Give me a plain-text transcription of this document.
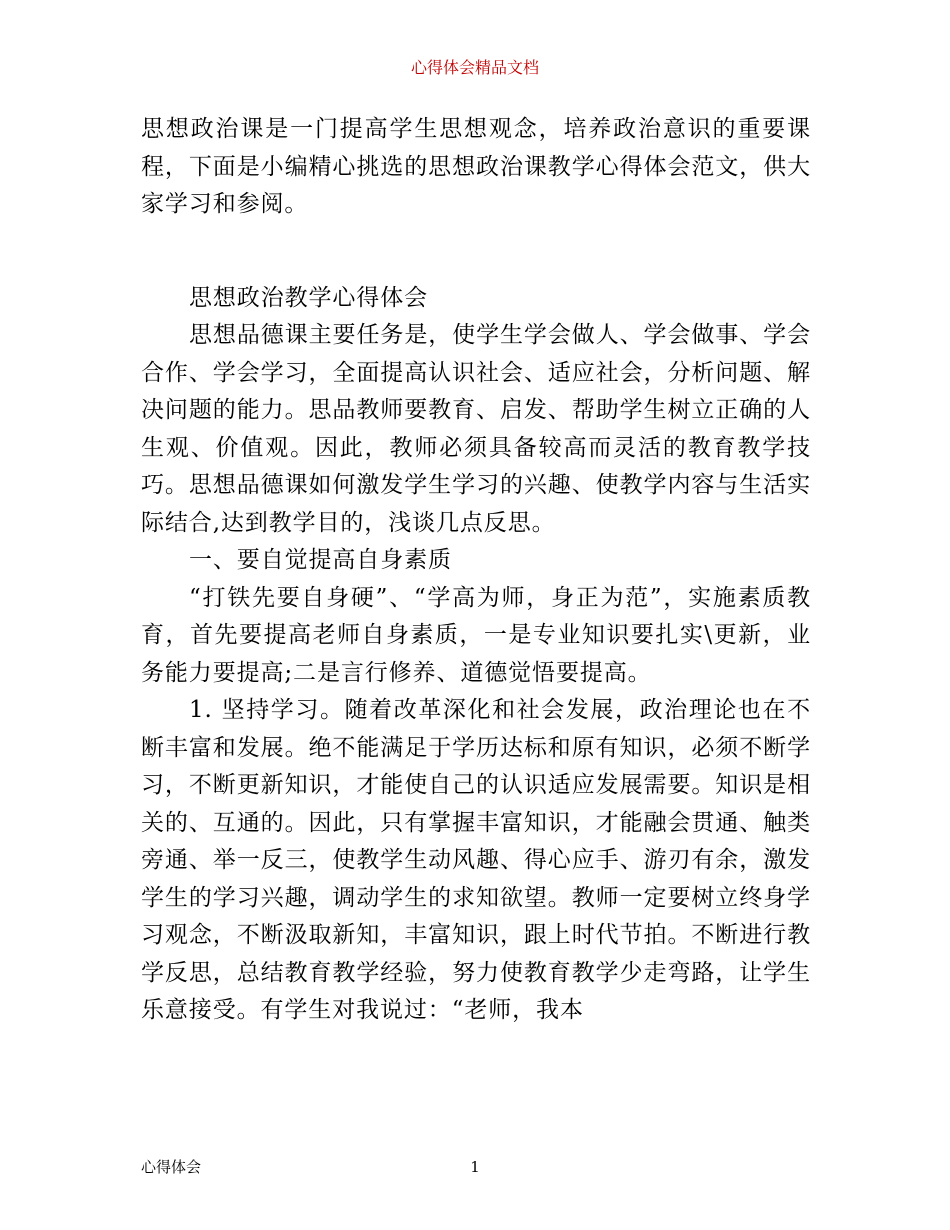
心得体会精品文档

思想政治课是一门提高学生思想观念，培养政治意识的重要课程，下面是小编精心挑选的思想政治课教学心得体会范文，供大家学习和参阅。

思想政治教学心得体会

思想品德课主要任务是，使学生学会做人、学会做事、学会合作、学会学习，全面提高认识社会、适应社会，分析问题、解决问题的能力。思品教师要教育、启发、帮助学生树立正确的人生观、价值观。因此，教师必须具备较高而灵活的教育教学技巧。思想品德课如何激发学生学习的兴趣、使教学内容与生活实际结合,达到教学目的，浅谈几点反思。

一、要自觉提高自身素质

“打铁先要自身硬”、“学高为师，身正为范”，实施素质教育，首先要提高老师自身素质，一是专业知识要扎实\更新，业务能力要提高;二是言行修养、道德觉悟要提高。

1. 坚持学习。随着改革深化和社会发展，政治理论也在不断丰富和发展。绝不能满足于学历达标和原有知识，必须不断学习，不断更新知识，才能使自己的认识适应发展需要。知识是相关的、互通的。因此，只有掌握丰富知识，才能融会贯通、触类旁通、举一反三，使教学生动风趣、得心应手、游刃有余，激发学生的学习兴趣，调动学生的求知欲望。教师一定要树立终身学习观念，不断汲取新知，丰富知识，跟上时代节拍。不断进行教学反思，总结教育教学经验，努力使教育教学少走弯路，让学生乐意接受。有学生对我说过：“老师，我本

心得体会	1
